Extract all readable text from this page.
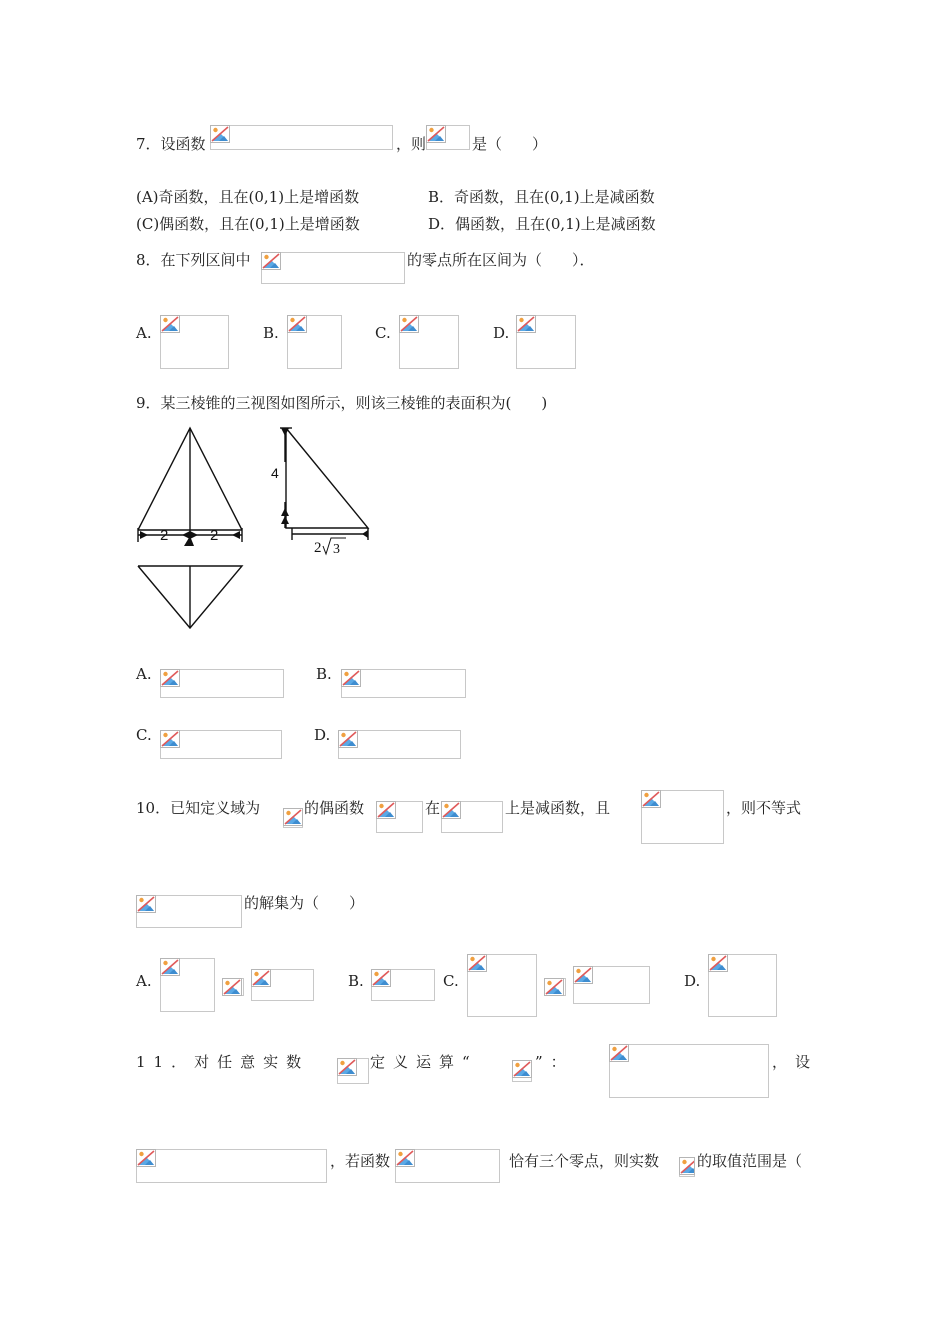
7．设函数	，则	是（　　）
(A)奇函数，且在(0,1)上是增函数	B．奇函数，且在(0,1)上是减函数
(C)偶函数，且在(0,1)上是增函数	D．偶函数，且在(0,1)上是减函数
8．在下列区间中	的零点所在区间为（　　）．
A.	B.	C.	D.
9．某三棱锥的三视图如图所示，则该三棱锥的表面积为(　　)
2	2
4
2 3
A.	B.
C.	D.
10．已知定义域为	的偶函数	在	上是减函数，且	，则不等式
的解集为（　　）
A.	B.	C.	D.
11．对任意实数	定义运算“	”：	，设
，若函数	恰有三个零点，则实数	的取值范围是（
